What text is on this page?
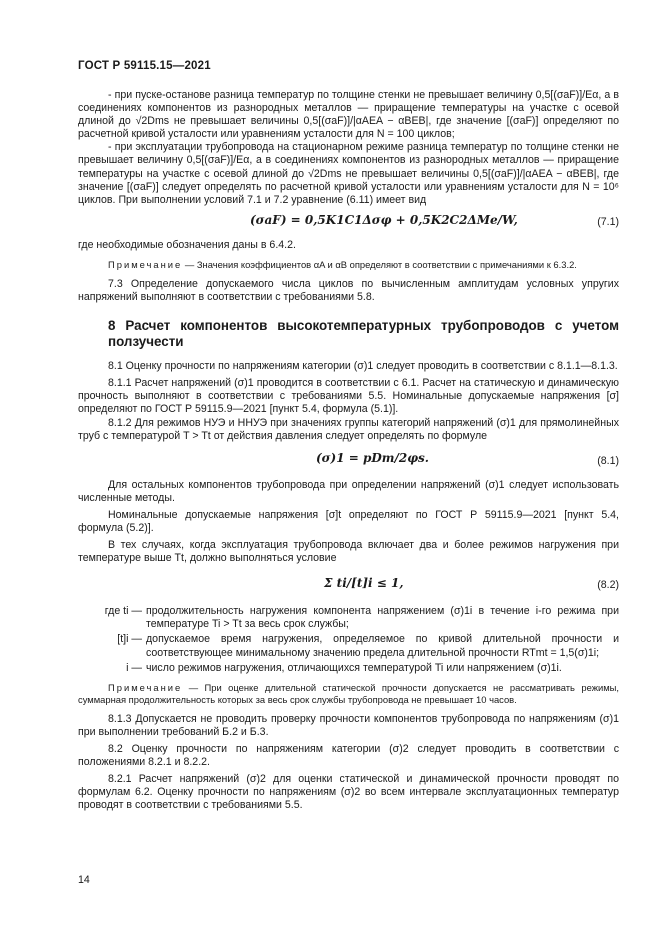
ГОСТ Р 59115.15—2021

- при пуске-останове разница температур по толщине стенки не превышает величину 0,5[(σaF)]/Eα, а в соединениях компонентов из разнородных металлов — приращение температуры на участке с осевой длиной до √2Dms не превышает величины 0,5[(σaF)]/|αAEA − αBEB|, где значение [(σaF)] определяют по расчетной кривой усталости или уравнениям усталости для N = 100 циклов;

- при эксплуатации трубопровода на стационарном режиме разница температур по толщине стенки не превышает величину 0,5[(σaF)]/Eα, а в соединениях компонентов из разнородных металлов — приращение температуры на участке с осевой длиной до √2Dms не превышает величины 0,5[(σaF)]/|αAEA − αBEB|, где значение [(σaF)] следует определять по расчетной кривой усталости или уравнениям усталости для N = 10⁶ циклов. При выполнении условий 7.1 и 7.2 уравнение (6.11) имеет вид

(σaF) = 0,5K1C1Δσφ + 0,5K2C2ΔMe/W,	(7.1)

где необходимые обозначения даны в 6.4.2.

Примечание — Значения коэффициентов αA и αB определяют в соответствии с примечаниями к 6.3.2.

7.3 Определение допускаемого числа циклов по вычисленным амплитудам условных упругих напряжений выполняют в соответствии с требованиями 5.8.

8 Расчет компонентов высокотемпературных трубопроводов с учетом ползучести

8.1 Оценку прочности по напряжениям категории (σ)1 следует проводить в соответствии с 8.1.1—8.1.3.

8.1.1 Расчет напряжений (σ)1 проводится в соответствии с 6.1. Расчет на статическую и динамическую прочность выполняют в соответствии с требованиями 5.5. Номинальные допускаемые напряжения [σ] определяют по ГОСТ Р 59115.9—2021 [пункт 5.4, формула (5.1)].

8.1.2 Для режимов НУЭ и ННУЭ при значениях группы категорий напряжений (σ)1 для прямолинейных труб с температурой T > Tt от действия давления следует определять по формуле

(σ)1 = pDm/2φs.	(8.1)

Для остальных компонентов трубопровода при определении напряжений (σ)1 следует использовать численные методы.

Номинальные допускаемые напряжения [σ]t определяют по ГОСТ Р 59115.9—2021 [пункт 5.4, формула (5.2)].

В тех случаях, когда эксплуатация трубопровода включает два и более режимов нагружения при температуре выше Tt, должно выполняться условие

Σ ti/[t]i ≤ 1,	(8.2)
где ti — продолжительность нагружения компонента напряжением (σ)1i в течение i-го режима при температуре Ti > Tt за весь срок службы;
[t]i — допускаемое время нагружения, определяемое по кривой длительной прочности и соответствующее минимальному значению предела длительной прочности RTmt = 1,5(σ)1i;
i — число режимов нагружения, отличающихся температурой Ti или напряжением (σ)1i.

Примечание — При оценке длительной статической прочности допускается не рассматривать режимы, суммарная продолжительность которых за весь срок службы трубопровода не превышает 10 часов.

8.1.3 Допускается не проводить проверку прочности компонентов трубопровода по напряжениям (σ)1 при выполнении требований Б.2 и Б.3.

8.2 Оценку прочности по напряжениям категории (σ)2 следует проводить в соответствии с положениями 8.2.1 и 8.2.2.

8.2.1 Расчет напряжений (σ)2 для оценки статической и динамической прочности проводят по формулам 6.2. Оценку прочности по напряжениям (σ)2 во всем интервале эксплуатационных температур проводят в соответствии с требованиями 5.5.

14
